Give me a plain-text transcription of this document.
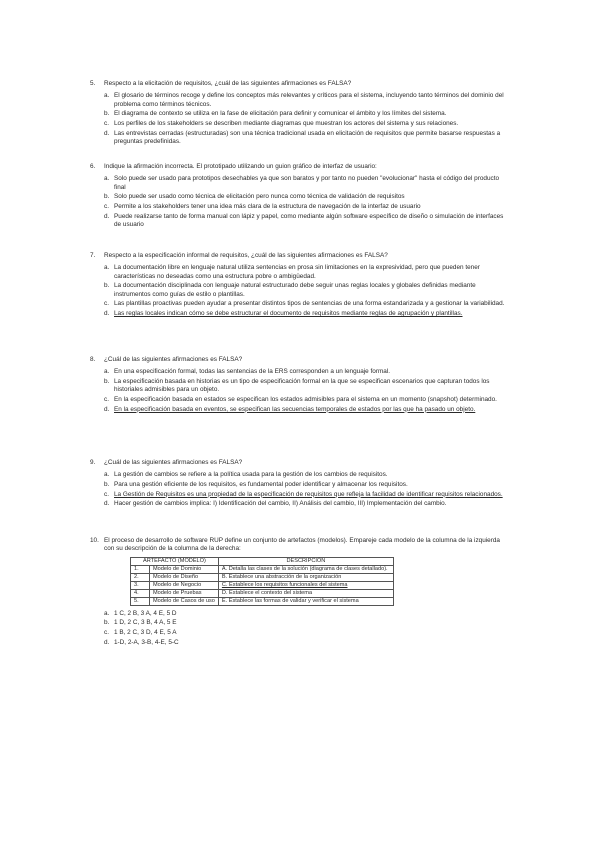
5. Respecto a la elicitación de requisitos, ¿cuál de las siguientes afirmaciones es FALSA?
a. El glosario de términos recoge y define los conceptos más relevantes y críticos para el sistema, incluyendo tanto términos del dominio del problema como términos técnicos.
b. El diagrama de contexto se utiliza en la fase de elicitación para definir y comunicar el ámbito y los límites del sistema.
c. Los perfiles de los stakeholders se describen mediante diagramas que muestran los actores del sistema y sus relaciones.
d. Las entrevistas cerradas (estructuradas) son una técnica tradicional usada en elicitación de requisitos que permite basarse respuestas a preguntas predefinidas.
6. Indique la afirmación incorrecta. El prototipado utilizando un guion gráfico de interfaz de usuario:
a. Solo puede ser usado para prototipos desechables ya que son baratos y por tanto no pueden "evolucionar" hasta el código del producto final
b. Solo puede ser usado como técnica de elicitación pero nunca como técnica de validación de requisitos
c. Permite a los stakeholders tener una idea más clara de la estructura de navegación de la interfaz de usuario
d. Puede realizarse tanto de forma manual con lápiz y papel, como mediante algún software específico de diseño o simulación de interfaces de usuario
7. Respecto a la especificación informal de requisitos, ¿cuál de las siguientes afirmaciones es FALSA?
a. La documentación libre en lenguaje natural utiliza sentencias en prosa sin limitaciones en la expresividad, pero que pueden tener características no deseadas como una estructura pobre o ambigüedad.
b. La documentación disciplinada con lenguaje natural estructurado debe seguir unas reglas locales y globales definidas mediante instrumentos como guías de estilo o plantillas.
c. Las plantillas proactivas pueden ayudar a presentar distintos tipos de sentencias de una forma estandarizada y a gestionar la variabilidad.
d. Las reglas locales indican cómo se debe estructurar el documento de requisitos mediante reglas de agrupación y plantillas.
8. ¿Cuál de las siguientes afirmaciones es FALSA?
a. En una especificación formal, todas las sentencias de la ERS corresponden a un lenguaje formal.
b. La especificación basada en historias es un tipo de especificación formal en la que se especifican escenarios que capturan todos los historiales admisibles para un objeto.
c. En la especificación basada en estados se especifican los estados admisibles para el sistema en un momento (snapshot) determinado.
d. En la especificación basada en eventos, se especifican las secuencias temporales de estados por las que ha pasado un objeto.
9. ¿Cuál de las siguientes afirmaciones es FALSA?
a. La gestión de cambios se refiere a la política usada para la gestión de los cambios de requisitos.
b. Para una gestión eficiente de los requisitos, es fundamental poder identificar y almacenar los requisitos.
c. La Gestión de Requisitos es una propiedad de la especificación de requisitos que refleja la facilidad de identificar requisitos relacionados.
d. Hacer gestión de cambios implica: I) Identificación del cambio, II) Análisis del cambio, III) Implementación del cambio.
10. El proceso de desarrollo de software RUP define un conjunto de artefactos (modelos). Empareje cada modelo de la columna de la izquierda con su descripción de la columna de la derecha:
ARTEFACTO (MODELO)		DESCRIPCIÓN
1.	Modelo de Dominio	A. Detalla las clases de la solución (diagrama de clases detallado).
2.	Modelo de Diseño	B. Establece una abstracción de la organización
3.	Modelo de Negocio	C. Establece los requisitos funcionales del sistema
4.	Modelo de Pruebas	D. Establece el contexto del sistema
5.	Modelo de Casos de uso	E. Establece las formas de validar y verificar el sistema
a. 1 C, 2 B, 3 A, 4 E, 5 D
b. 1 D, 2 C, 3 B, 4 A, 5 E
c. 1 B, 2 C, 3 D, 4 E, 5 A
d. 1-D, 2-A, 3-B, 4-E, 5-C
